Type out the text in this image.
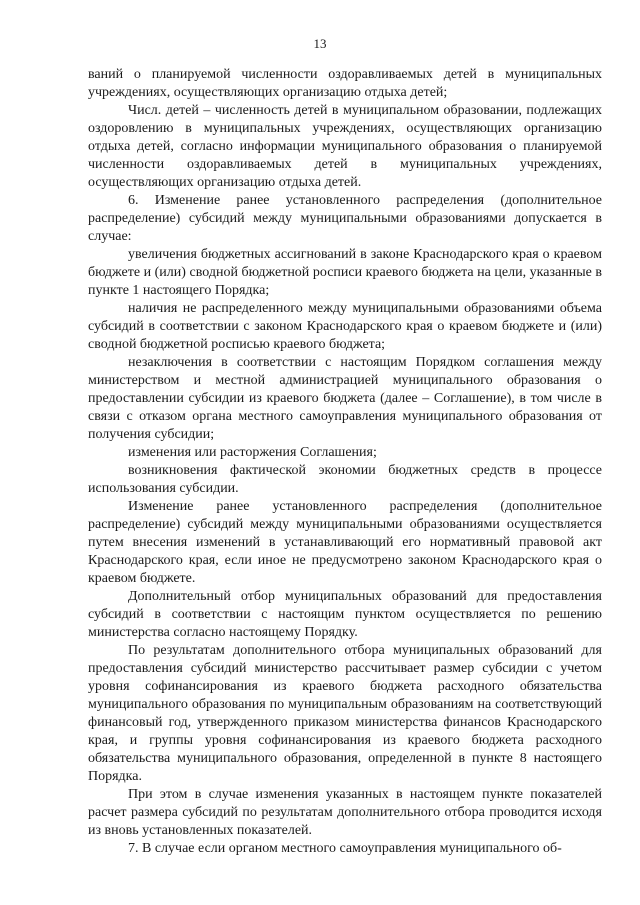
13

ваний о планируемой численности оздоравливаемых детей в муниципальных учреждениях, осуществляющих организацию отдыха детей;

Числ. детей – численность детей в муниципальном образовании, подлежащих оздоровлению в муниципальных учреждениях, осуществляющих организацию отдыха детей, согласно информации муниципального образования о планируемой численности оздоравливаемых детей в муниципальных учреждениях, осуществляющих организацию отдыха детей.

6. Изменение ранее установленного распределения (дополнительное распределение) субсидий между муниципальными образованиями допускается в случае:

увеличения бюджетных ассигнований в законе Краснодарского края о краевом бюджете и (или) сводной бюджетной росписи краевого бюджета на цели, указанные в пункте 1 настоящего Порядка;

наличия не распределенного между муниципальными образованиями объема субсидий в соответствии с законом Краснодарского края о краевом бюджете и (или) сводной бюджетной росписью краевого бюджета;

незаключения в соответствии с настоящим Порядком соглашения между министерством и местной администрацией муниципального образования о предоставлении субсидии из краевого бюджета (далее – Соглашение), в том числе в связи с отказом органа местного самоуправления муниципального образования от получения субсидии;

изменения или расторжения Соглашения;

возникновения фактической экономии бюджетных средств в процессе использования субсидии.

Изменение ранее установленного распределения (дополнительное распределение) субсидий между муниципальными образованиями осуществляется путем внесения изменений в устанавливающий его нормативный правовой акт Краснодарского края, если иное не предусмотрено законом Краснодарского края о краевом бюджете.

Дополнительный отбор муниципальных образований для предоставления субсидий в соответствии с настоящим пунктом осуществляется по решению министерства согласно настоящему Порядку.

По результатам дополнительного отбора муниципальных образований для предоставления субсидий министерство рассчитывает размер субсидии с учетом уровня софинансирования из краевого бюджета расходного обязательства муниципального образования по муниципальным образованиям на соответствующий финансовый год, утвержденного приказом министерства финансов Краснодарского края, и группы уровня софинансирования из краевого бюджета расходного обязательства муниципального образования, определенной в пункте 8 настоящего Порядка.

При этом в случае изменения указанных в настоящем пункте показателей расчет размера субсидий по результатам дополнительного отбора проводится исходя из вновь установленных показателей.

7. В случае если органом местного самоуправления муниципального об-
